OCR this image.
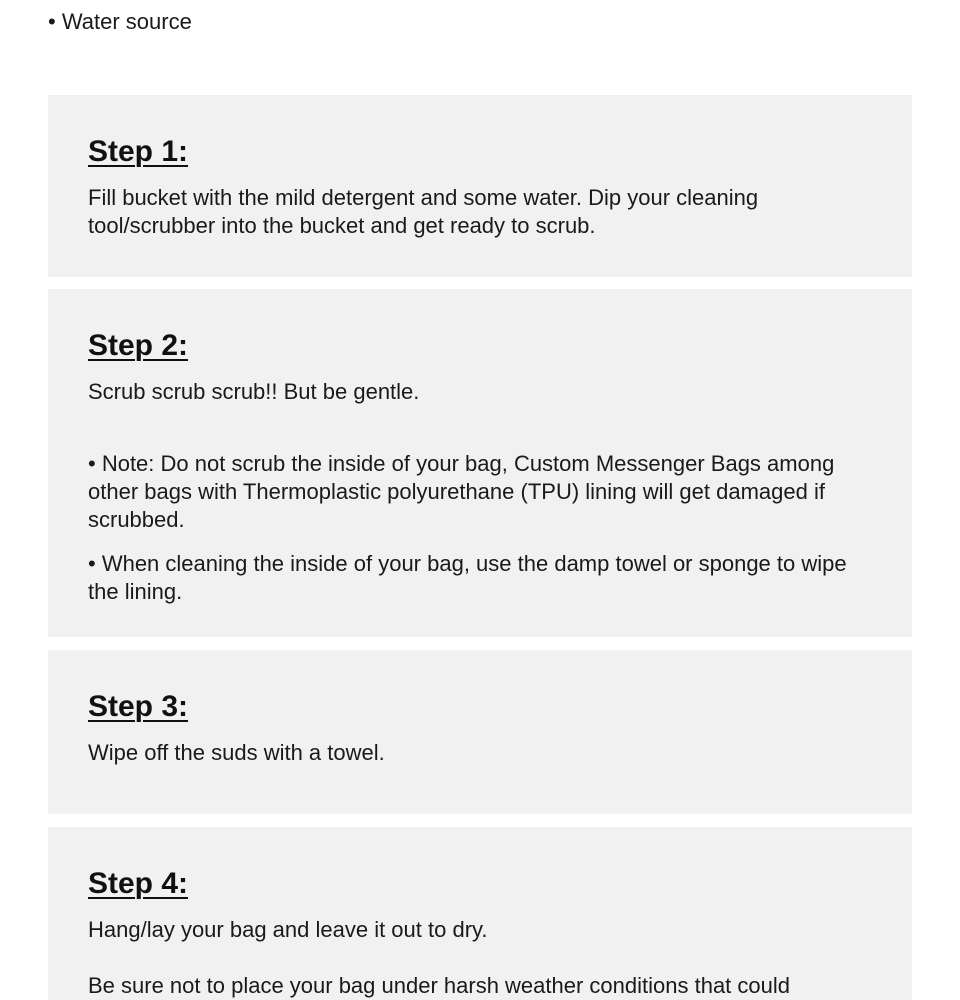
• Water source

Step 1:

Fill bucket with the mild detergent and some water. Dip your cleaning tool/scrubber into the bucket and get ready to scrub.

Step 2:

Scrub scrub scrub!! But be gentle.

• Note: Do not scrub the inside of your bag, Custom Messenger Bags among other bags with Thermoplastic polyurethane (TPU) lining will get damaged if scrubbed.

• When cleaning the inside of your bag, use the damp towel or sponge to wipe the lining.

Step 3:

Wipe off the suds with a towel.

Step 4:

Hang/lay your bag and leave it out to dry.

Be sure not to place your bag under harsh weather conditions that could
